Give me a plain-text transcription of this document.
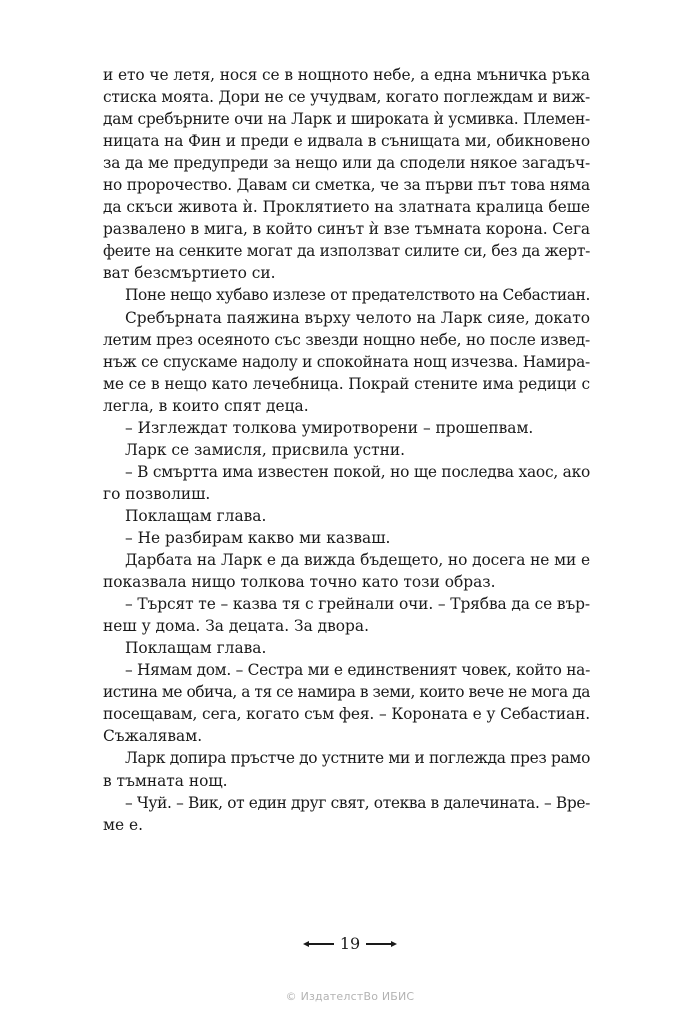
и ето че летя, нося се в нощното небе, а една мъничка ръка
стиска моята. Дори не се учудвам, когато поглеждам и виж-
дам сребърните очи на Ларк и широката ѝ усмивка. Племен-
ницата на Фин и преди е идвала в сънищата ми, обикновено
за да ме предупреди за нещо или да сподели някое загадъч-
но пророчество. Давам си сметка, че за първи път това няма
да скъси живота ѝ. Проклятието на златната кралица беше
развалено в мига, в който синът ѝ взе тъмната корона. Сега
феите на сенките могат да използват силите си, без да жерт-
ват безсмъртието си.
Поне нещо хубаво излезе от предателството на Себастиан.
Сребърната паяжина върху челото на Ларк сияе, докато
летим през осеяното със звезди нощно небе, но после извед-
нъж се спускаме надолу и спокойната нощ изчезва. Намира-
ме се в нещо като лечебница. Покрай стените има редици с
легла, в които спят деца.
– Изглеждат толкова умиротворени – прошепвам.
Ларк се замисля, присвила устни.
– В смъртта има известен покой, но ще последва хаос, ако
го позволиш.
Поклащам глава.
– Не разбирам какво ми казваш.
Дарбата на Ларк е да вижда бъдещето, но досега не ми е
показвала нищо толкова точно като този образ.
– Търсят те – казва тя с грейнали очи. – Трябва да се вър-
неш у дома. За децата. За двора.
Поклащам глава.
– Нямам дом. – Сестра ми е единственият човек, който на-
истина ме обича, а тя се намира в земи, които вече не мога да
посещавам, сега, когато съм фея. – Короната е у Себастиан.
Съжалявам.
Ларк допира пръстче до устните ми и поглежда през рамо
в тъмната нощ.
– Чуй. – Вик, от един друг свят, отеква в далечината. – Вре-
ме е.
19
© ИздателстВо ИБИС
